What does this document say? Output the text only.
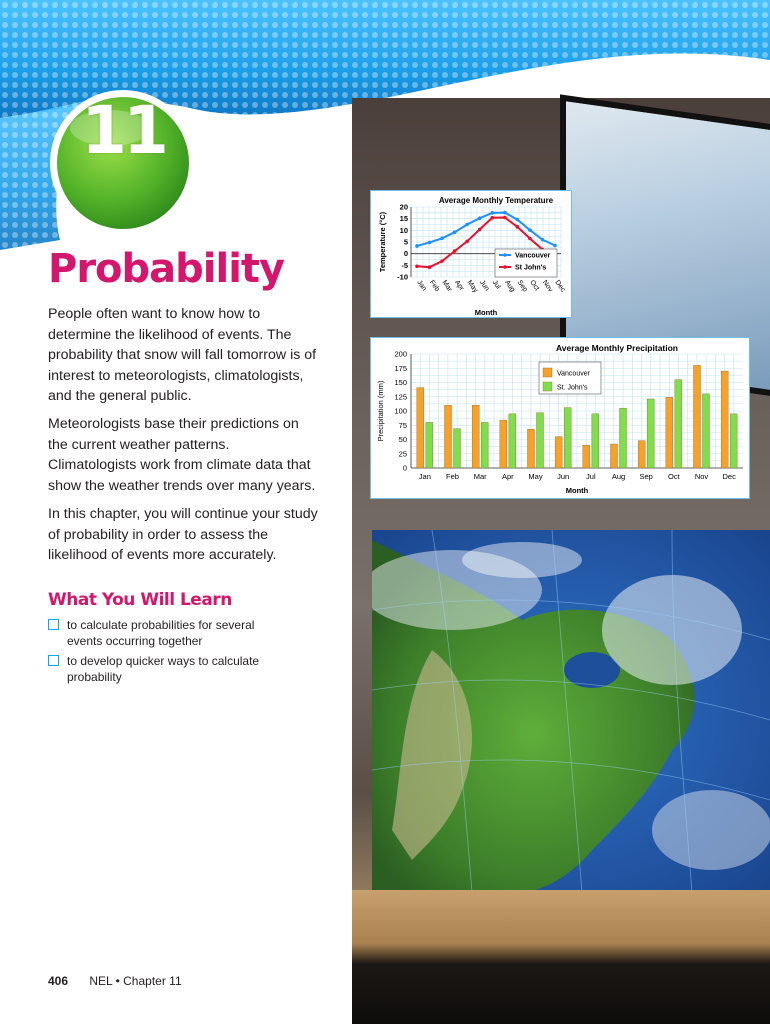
11
Probability

People often want to know how to determine the likelihood of events. The probability that snow will fall tomorrow is of interest to meteorologists, climatologists, and the general public.

Meteorologists base their predictions on the current weather patterns. Climatologists work from climate data that show the weather trends over many years.

In this chapter, you will continue your study of probability in order to assess the likelihood of events more accurately.

What You Will Learn
to calculate probabilities for several events occurring together
to develop quicker ways to calculate probability
406 NEL • Chapter 11
-10
-5
0
5
10
15
20
Jan Feb Mar Apr May Jun Jul Aug Sep Oct Nov Dec
Average Monthly Temperature
Month
Temperature (°C)	Vancouver
St John's
0
25
50
75
100
125
150
175
200
Jan Feb Mar Apr May Jun Jul Aug Sep Oct Nov Dec
Average Monthly Precipitation
Month
Precipitation (mm)
Vancouver
St. John's
